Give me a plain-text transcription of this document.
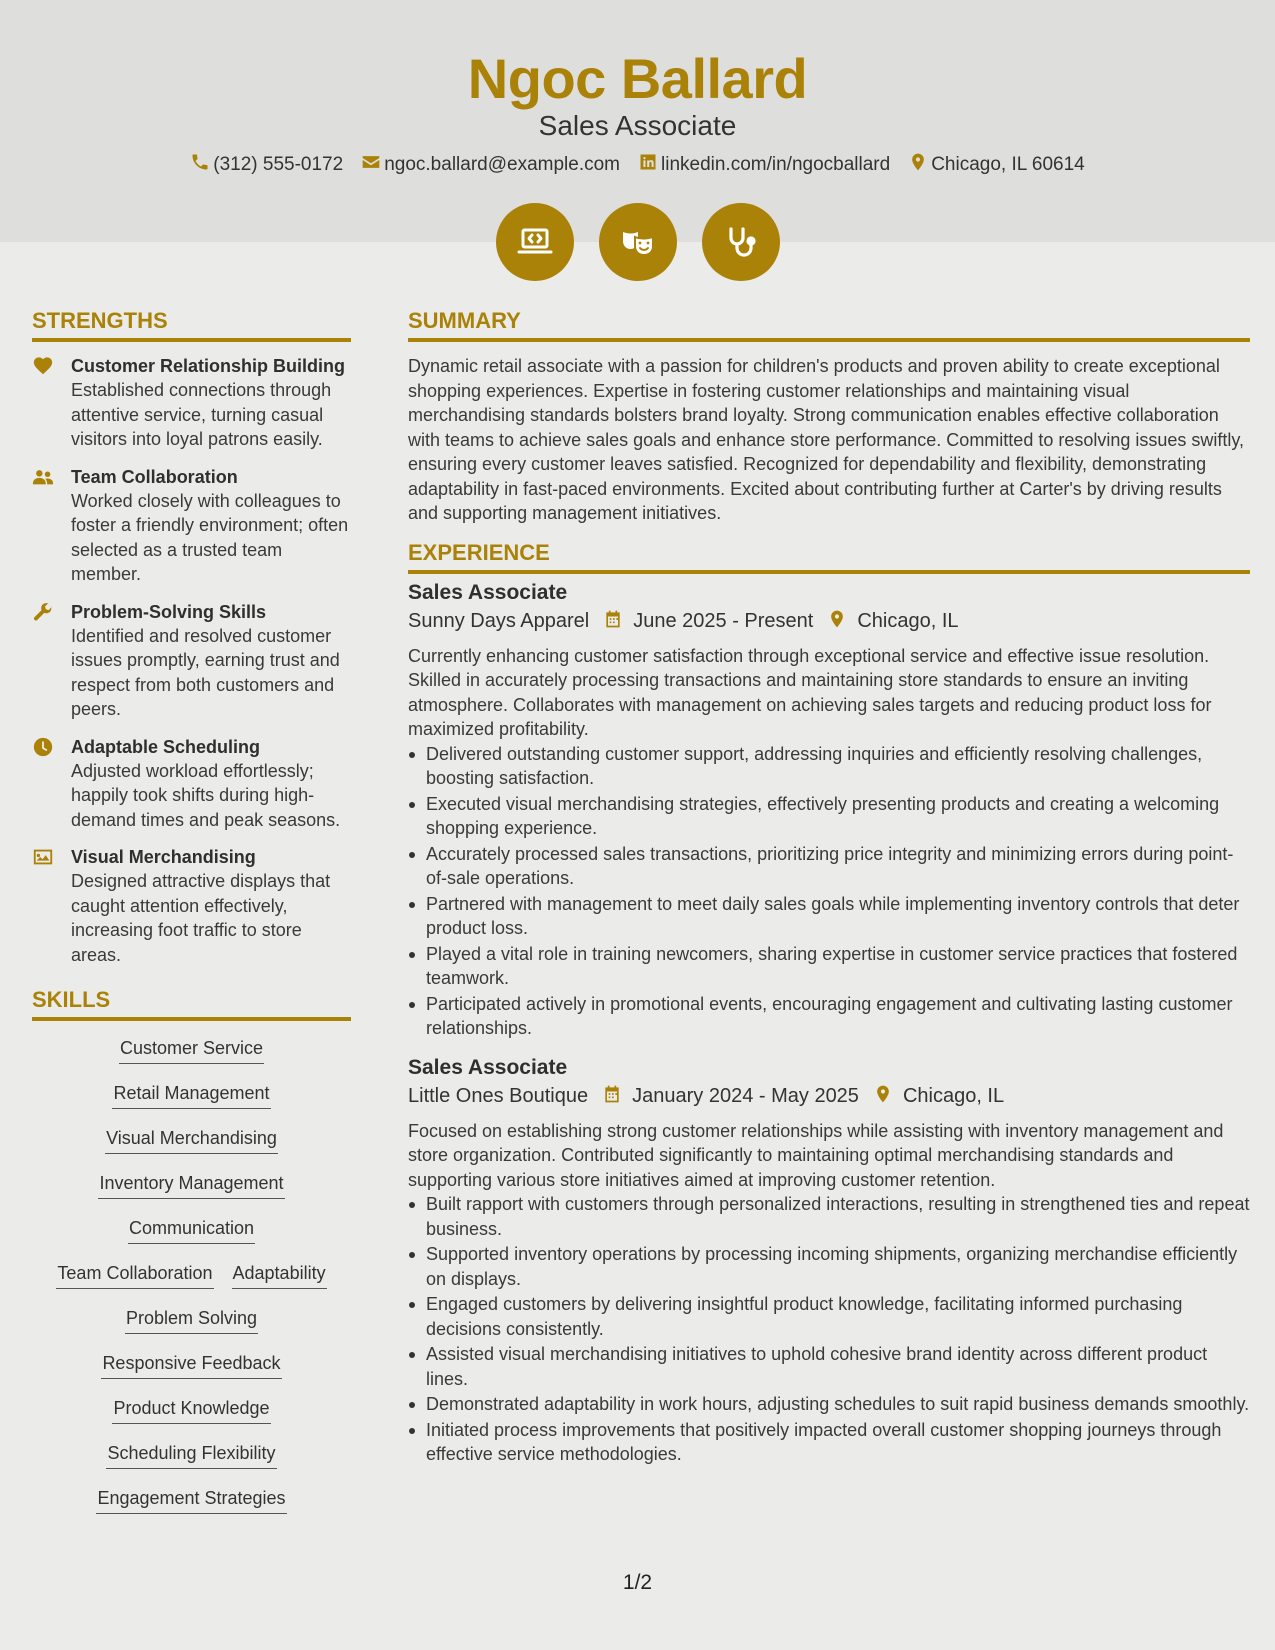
Ngoc Ballard
Sales Associate
(312) 555-0172 ngoc.ballard@example.com linkedin.com/in/ngocballard Chicago, IL 60614
STRENGTHS
Customer Relationship Building

Established connections through attentive service, turning casual visitors into loyal patrons easily.

Team Collaboration

Worked closely with colleagues to foster a friendly environment; often selected as a trusted team member.

Problem-Solving Skills

Identified and resolved customer issues promptly, earning trust and respect from both customers and peers.

Adaptable Scheduling

Adjusted workload effortlessly; happily took shifts during high-demand times and peak seasons.

Visual Merchandising

Designed attractive displays that caught attention effectively, increasing foot traffic to store areas.

SKILLS
Customer Service
Retail Management
Visual Merchandising
Inventory Management
Communication
Team Collaboration Adaptability
Problem Solving
Responsive Feedback
Product Knowledge
Scheduling Flexibility
Engagement Strategies
SUMMARY

Dynamic retail associate with a passion for children's products and proven ability to create exceptional shopping experiences. Expertise in fostering customer relationships and maintaining visual merchandising standards bolsters brand loyalty. Strong communication enables effective collaboration with teams to achieve sales goals and enhance store performance. Committed to resolving issues swiftly, ensuring every customer leaves satisfied. Recognized for dependability and flexibility, demonstrating adaptability in fast-paced environments. Excited about contributing further at Carter's by driving results and supporting management initiatives.

EXPERIENCE
Sales Associate
Sunny Days Apparel June 2025 - Present Chicago, IL

Currently enhancing customer satisfaction through exceptional service and effective issue resolution. Skilled in accurately processing transactions and maintaining store standards to ensure an inviting atmosphere. Collaborates with management on achieving sales targets and reducing product loss for maximized profitability.

Delivered outstanding customer support, addressing inquiries and efficiently resolving challenges, boosting satisfaction.
Executed visual merchandising strategies, effectively presenting products and creating a welcoming shopping experience.
Accurately processed sales transactions, prioritizing price integrity and minimizing errors during point-of-sale operations.
Partnered with management to meet daily sales goals while implementing inventory controls that deter product loss.
Played a vital role in training newcomers, sharing expertise in customer service practices that fostered teamwork.
Participated actively in promotional events, encouraging engagement and cultivating lasting customer relationships.
Sales Associate
Little Ones Boutique January 2024 - May 2025 Chicago, IL

Focused on establishing strong customer relationships while assisting with inventory management and store organization. Contributed significantly to maintaining optimal merchandising standards and supporting various store initiatives aimed at improving customer retention.

Built rapport with customers through personalized interactions, resulting in strengthened ties and repeat business.
Supported inventory operations by processing incoming shipments, organizing merchandise efficiently on displays.
Engaged customers by delivering insightful product knowledge, facilitating informed purchasing decisions consistently.
Assisted visual merchandising initiatives to uphold cohesive brand identity across different product lines.
Demonstrated adaptability in work hours, adjusting schedules to suit rapid business demands smoothly.
Initiated process improvements that positively impacted overall customer shopping journeys through effective service methodologies.
1/2
